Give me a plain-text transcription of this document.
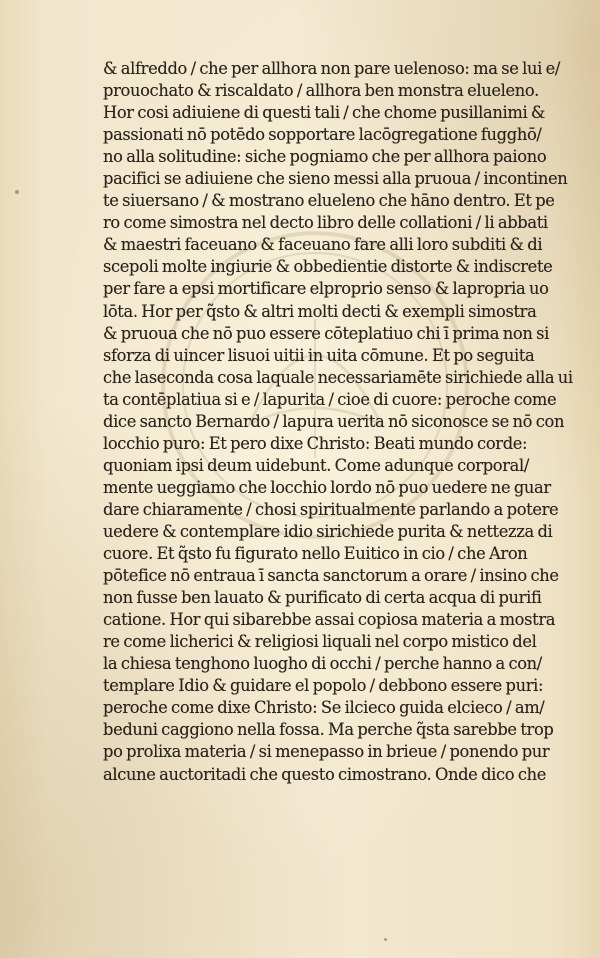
& alfreddo / che per allhora non pare uelenoso: ma se lui e/
prouochato & riscaldato / allhora ben monstra elueleno.
Hor cosi adiuiene di questi tali / che chome pusillanimi &
passionati nō potēdo sopportare lacōgregatione fugghō/
no alla solitudine: siche pogniamo che per allhora paiono
pacifici se adiuiene che sieno messi alla pruoua / incontinen
te siuersano / & mostrano elueleno che hāno dentro. Et pe
ro come simostra nel decto libro delle collationi / li abbati
& maestri faceuano & faceuano fare alli loro subditi & di
scepoli molte ingiurie & obbedientie distorte & indiscrete
per fare a epsi mortificare elproprio senso & lapropria uo
lōta. Hor per q̃sto & altri molti decti & exempli simostra
& pruoua che nō puo essere cōteplatiuo chi ī prima non si
sforza di uincer lisuoi uitii in uita cōmune. Et po seguita
che laseconda cosa laquale necessariamēte sirichiede alla ui
ta contēplatiua si e / lapurita / cioe di cuore: peroche come
dice sancto Bernardo / lapura uerita nō siconosce se nō con
locchio puro: Et pero dixe Christo: Beati mundo corde:
quoniam ipsi deum uidebunt. Come adunque corporal/
mente ueggiamo che locchio lordo nō puo uedere ne guar
dare chiaramente / chosi spiritualmente parlando a potere
uedere & contemplare idio sirichiede purita & nettezza di
cuore. Et q̃sto fu figurato nello Euitico in cio / che Aron
pōtefice nō entraua ī sancta sanctorum a orare / insino che
non fusse ben lauato & purificato di certa acqua di purifi
catione. Hor qui sibarebbe assai copiosa materia a mostra
re come licherici & religiosi liquali nel corpo mistico del
la chiesa tenghono luogho di occhi / perche hanno a con/
templare Idio & guidare el popolo / debbono essere puri:
peroche come dixe Christo: Se ilcieco guida elcieco / am/
beduni caggiono nella fossa. Ma perche q̃sta sarebbe trop
po prolixa materia / si menepasso in brieue / ponendo pur
alcune auctoritadi che questo cimostrano. Onde dico che
